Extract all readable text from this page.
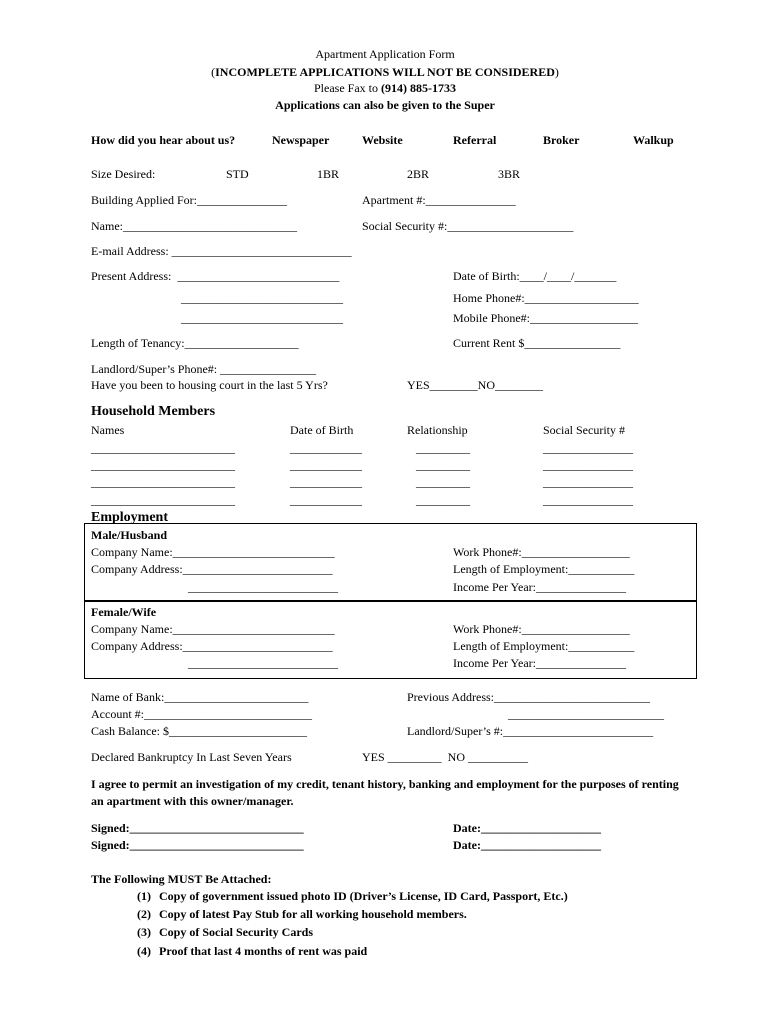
Apartment Application Form
(INCOMPLETE APPLICATIONS WILL NOT BE CONSIDERED)
Please Fax to (914) 885-1733
Applications can also be given to the Super
How did you hear about us?	Newspaper	Website	Referral	Broker	Walkup
Size Desired:	STD	1BR	2BR	3BR
Building Applied For:_______________	Apartment #:_______________
Name:_____________________________	Social Security #:_____________________
E-mail Address: ______________________________
Present Address:  ___________________________	Date of Birth:____/____/_______
___________________________	Home Phone#:___________________
___________________________	Mobile Phone#:__________________
Length of Tenancy:___________________	Current Rent $________________
Landlord/Super’s Phone#: ________________
Have you been to housing court in the last 5 Yrs?	YES________NO________
Household Members
Names	Date of Birth	Relationship	Social Security #
________________________	____________	_________	_______________
________________________	____________	_________	_______________
________________________	____________	_________	_______________
________________________	____________	_________	_______________
Employment
Male/Husband
Company Name:___________________________	Work Phone#:__________________
Company Address:_________________________	Length of Employment:___________
_________________________	Income Per Year:_______________
Female/Wife
Company Name:___________________________	Work Phone#:__________________
Company Address:_________________________	Length of Employment:___________
_________________________	Income Per Year:_______________
Name of Bank:________________________	Previous Address:__________________________
Account #:____________________________	__________________________
Cash Balance: $_______________________	Landlord/Super’s #:_________________________
Declared Bankruptcy In Last Seven Years	YES _________  NO __________
I agree to permit an investigation of my credit, tenant history, banking and employment for the purposes of renting
an apartment with this owner/manager.
Signed:_____________________________	Date:____________________
Signed:_____________________________	Date:____________________
The Following MUST Be Attached:
(1) Copy of government issued photo ID (Driver’s License, ID Card, Passport, Etc.)
(2) Copy of latest Pay Stub for all working household members.
(3) Copy of Social Security Cards
(4) Proof that last 4 months of rent was paid
